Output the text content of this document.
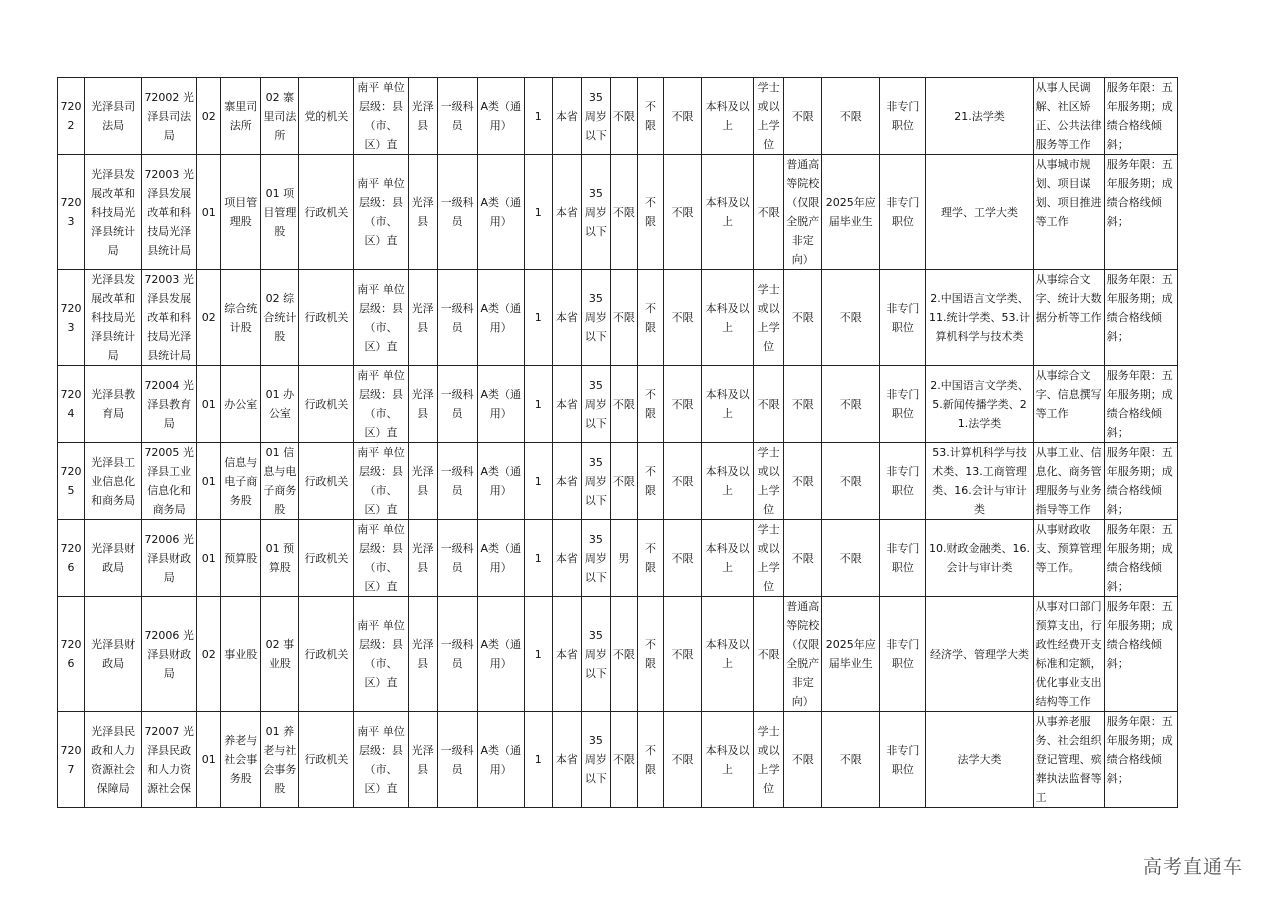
7202	光泽县司法局	72002 光泽县司法局	02	寨里司法所	02 寨里司法所	党的机关	南平 单位层级：县（市、区）直	光泽县	一级科员	A类（通用）	1	本省	35周岁以下	不限	不限	不限	本科及以上	学士或以上学位	不限	不限	非专门职位	21.法学类	从事人民调解、社区矫正、公共法律服务等工作	服务年限：五年服务期；成绩合格线倾斜；
7203	光泽县发展改革和科技局光泽县统计局	72003 光泽县发展改革和科技局光泽县统计局	01	项目管理股	01 项目管理股	行政机关	南平 单位层级：县（市、区）直	光泽县	一级科员	A类（通用）	1	本省	35周岁以下	不限	不限	不限	本科及以上	不限	普通高等院校（仅限全脱产非定向）	2025年应届毕业生	非专门职位	理学、工学大类	从事城市规划、项目谋划、项目推进等工作	服务年限：五年服务期；成绩合格线倾斜；
7203	光泽县发展改革和科技局光泽县统计局	72003 光泽县发展改革和科技局光泽县统计局	02	综合统计股	02 综合统计股	行政机关	南平 单位层级：县（市、区）直	光泽县	一级科员	A类（通用）	1	本省	35周岁以下	不限	不限	不限	本科及以上	学士或以上学位	不限	不限	非专门职位	2.中国语言文学类、11.统计学类、53.计算机科学与技术类	从事综合文字、统计大数据分析等工作	服务年限：五年服务期；成绩合格线倾斜；
7204	光泽县教育局	72004 光泽县教育局	01	办公室	01 办公室	行政机关	南平 单位层级：县（市、区）直	光泽县	一级科员	A类（通用）	1	本省	35周岁以下	不限	不限	不限	本科及以上	不限	不限	不限	非专门职位	2.中国语言文学类、5.新闻传播学类、21.法学类	从事综合文字、信息撰写等工作	服务年限：五年服务期；成绩合格线倾斜；
7205	光泽县工业信息化和商务局	72005 光泽县工业信息化和商务局	01	信息与电子商务股	01 信息与电子商务股	行政机关	南平 单位层级：县（市、区）直	光泽县	一级科员	A类（通用）	1	本省	35周岁以下	不限	不限	不限	本科及以上	学士或以上学位	不限	不限	非专门职位	53.计算机科学与技术类、13.工商管理类、16.会计与审计类	从事工业、信息化、商务管理服务与业务指导等工作	服务年限：五年服务期；成绩合格线倾斜；
7206	光泽县财政局	72006 光泽县财政局	01	预算股	01 预算股	行政机关	南平 单位层级：县（市、区）直	光泽县	一级科员	A类（通用）	1	本省	35周岁以下	男	不限	不限	本科及以上	学士或以上学位	不限	不限	非专门职位	10.财政金融类、16.会计与审计类	从事财政收支、预算管理等工作。	服务年限：五年服务期；成绩合格线倾斜；
7206	光泽县财政局	72006 光泽县财政局	02	事业股	02 事业股	行政机关	南平 单位层级：县（市、区）直	光泽县	一级科员	A类（通用）	1	本省	35周岁以下	不限	不限	不限	本科及以上	不限	普通高等院校（仅限全脱产非定向）	2025年应届毕业生	非专门职位	经济学、管理学大类	从事对口部门预算支出，行政性经费开支标准和定额，优化事业支出结构等工作	服务年限：五年服务期；成绩合格线倾斜；
7207	光泽县民政和人力资源社会保障局	72007 光泽县民政和人力资源社会保	01	养老与社会事务股	01 养老与社会事务股	行政机关	南平 单位层级：县（市、区）直	光泽县	一级科员	A类（通用）	1	本省	35周岁以下	不限	不限	不限	本科及以上	学士或以上学位	不限	不限	非专门职位	法学大类	从事养老服务、社会组织登记管理、殡葬执法监督等工	服务年限：五年服务期；成绩合格线倾斜；
高考直通车
